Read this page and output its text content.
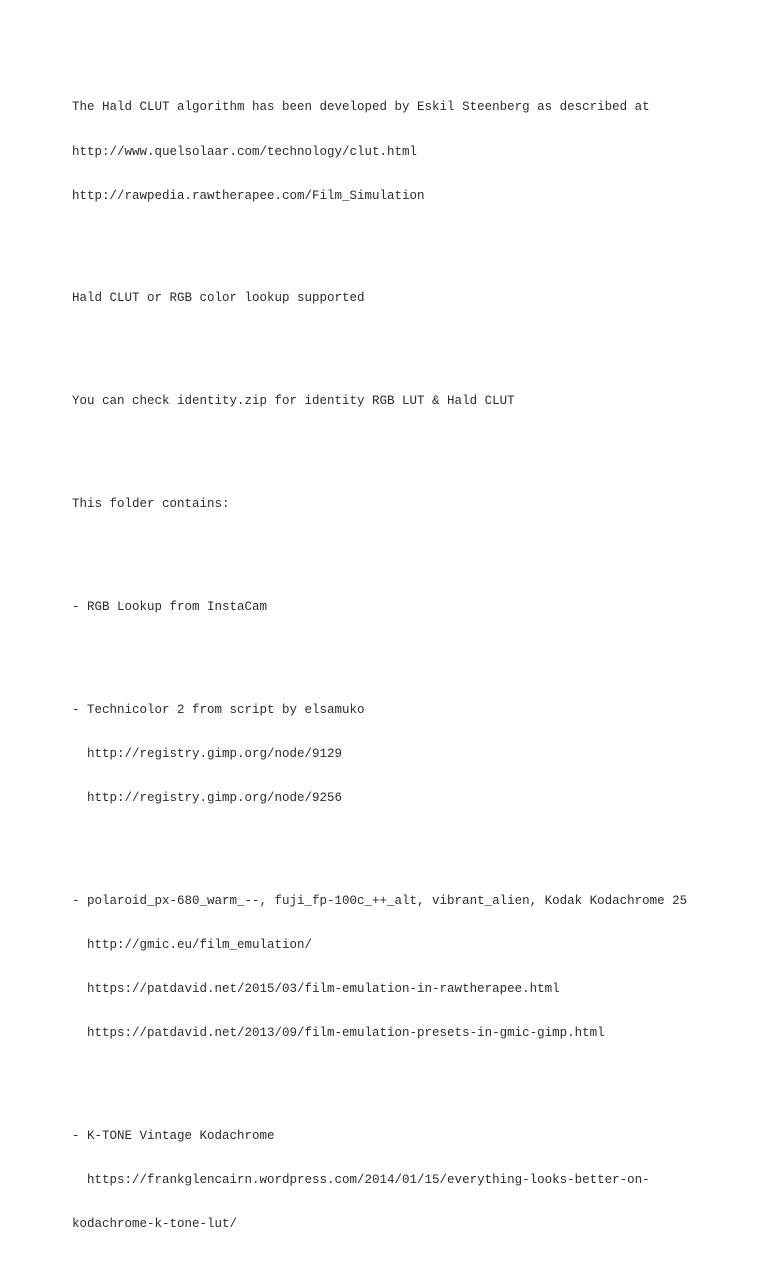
The Hald CLUT algorithm has been developed by Eskil Steenberg as described at

http://www.quelsolaar.com/technology/clut.html

http://rawpedia.rawtherapee.com/Film_Simulation

Hald CLUT or RGB color lookup supported

You can check identity.zip for identity RGB LUT & Hald CLUT

This folder contains:

- RGB Lookup from InstaCam

- Technicolor 2 from script by elsamuko

http://registry.gimp.org/node/9129

http://registry.gimp.org/node/9256

- polaroid_px-680_warm_--, fuji_fp-100c_++_alt, vibrant_alien, Kodak Kodachrome 25

http://gmic.eu/film_emulation/

https://patdavid.net/2015/03/film-emulation-in-rawtherapee.html

https://patdavid.net/2013/09/film-emulation-presets-in-gmic-gimp.html

- K-TONE Vintage Kodachrome

https://frankglencairn.wordpress.com/2014/01/15/everything-looks-better-on-

kodachrome-k-tone-lut/
